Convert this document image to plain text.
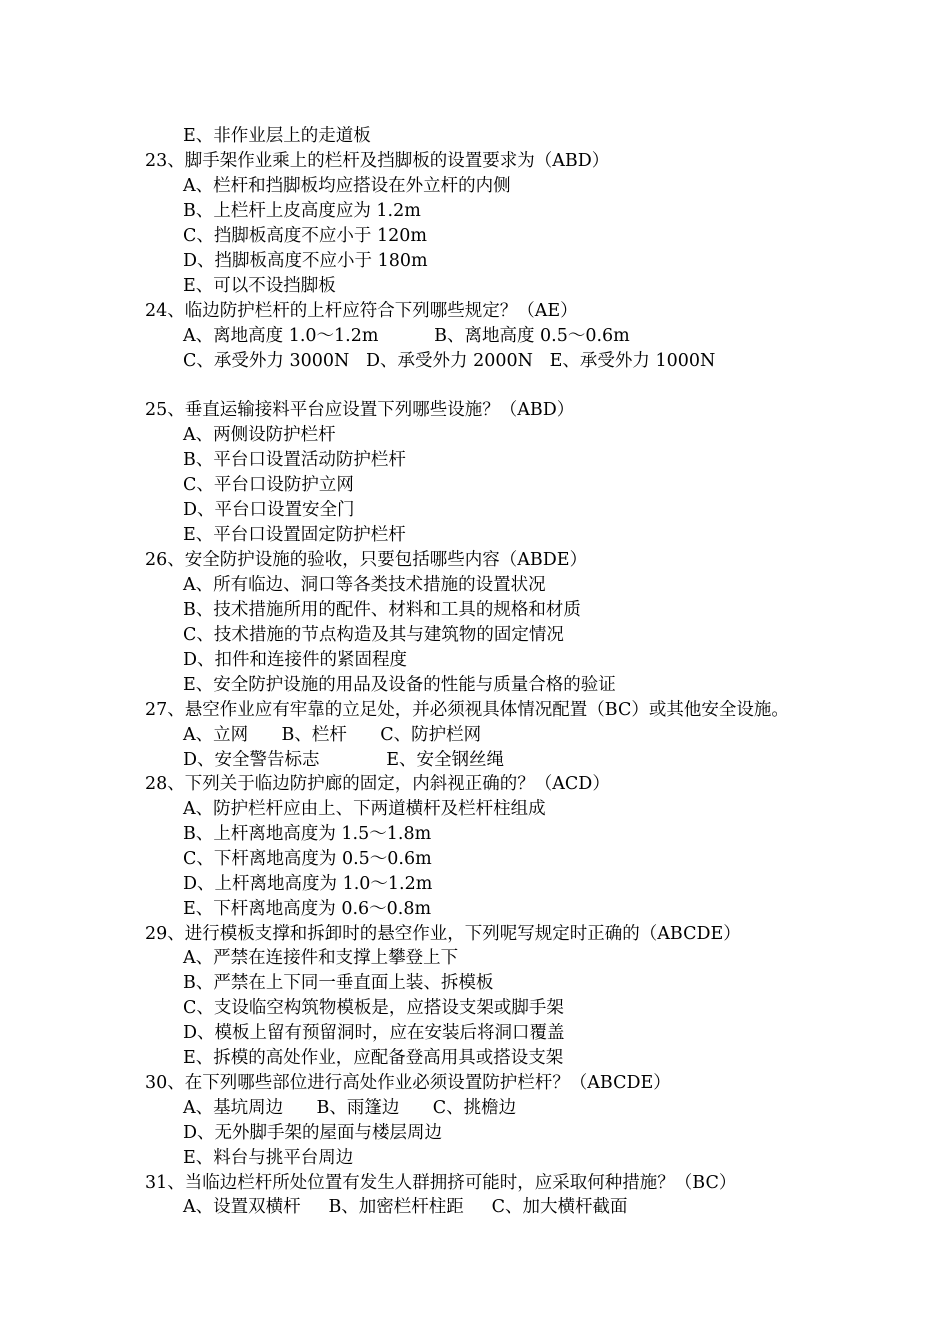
E、非作业层上的走道板
23、脚手架作业乘上的栏杆及挡脚板的设置要求为（ABD）
A、栏杆和挡脚板均应搭设在外立杆的内侧
B、上栏杆上皮高度应为 1.2m
C、挡脚板高度不应小于 120m
D、挡脚板高度不应小于 180m
E、可以不设挡脚板
24、临边防护栏杆的上杆应符合下列哪些规定？（AE）
A、离地高度 1.0～1.2m          B、离地高度 0.5～0.6m
C、承受外力 3000N   D、承受外力 2000N   E、承受外力 1000N
25、垂直运输接料平台应设置下列哪些设施？（ABD）
A、两侧设防护栏杆
B、平台口设置活动防护栏杆
C、平台口设防护立网
D、平台口设置安全门
E、平台口设置固定防护栏杆
26、安全防护设施的验收，只要包括哪些内容（ABDE）
A、所有临边、洞口等各类技术措施的设置状况
B、技术措施所用的配件、材料和工具的规格和材质
C、技术措施的节点构造及其与建筑物的固定情况
D、扣件和连接件的紧固程度
E、安全防护设施的用品及设备的性能与质量合格的验证
27、悬空作业应有牢靠的立足处，并必须视具体情况配置（BC）或其他安全设施。
A、立网      B、栏杆      C、防护栏网
D、安全警告标志            E、安全钢丝绳
28、下列关于临边防护廊的固定，内斜视正确的？（ACD）
A、防护栏杆应由上、下两道横杆及栏杆柱组成
B、上杆离地高度为 1.5～1.8m
C、下杆离地高度为 0.5～0.6m
D、上杆离地高度为 1.0～1.2m
E、下杆离地高度为 0.6～0.8m
29、进行模板支撑和拆卸时的悬空作业，下列呢写规定时正确的（ABCDE）
A、严禁在连接件和支撑上攀登上下
B、严禁在上下同一垂直面上装、拆模板
C、支设临空构筑物模板是，应搭设支架或脚手架
D、模板上留有预留洞时，应在安装后将洞口覆盖
E、拆模的高处作业，应配备登高用具或搭设支架
30、在下列哪些部位进行高处作业必须设置防护栏杆？（ABCDE）
A、基坑周边      B、雨篷边      C、挑檐边
D、无外脚手架的屋面与楼层周边
E、料台与挑平台周边
31、当临边栏杆所处位置有发生人群拥挤可能时，应采取何种措施？（BC）
A、设置双横杆     B、加密栏杆柱距     C、加大横杆截面
